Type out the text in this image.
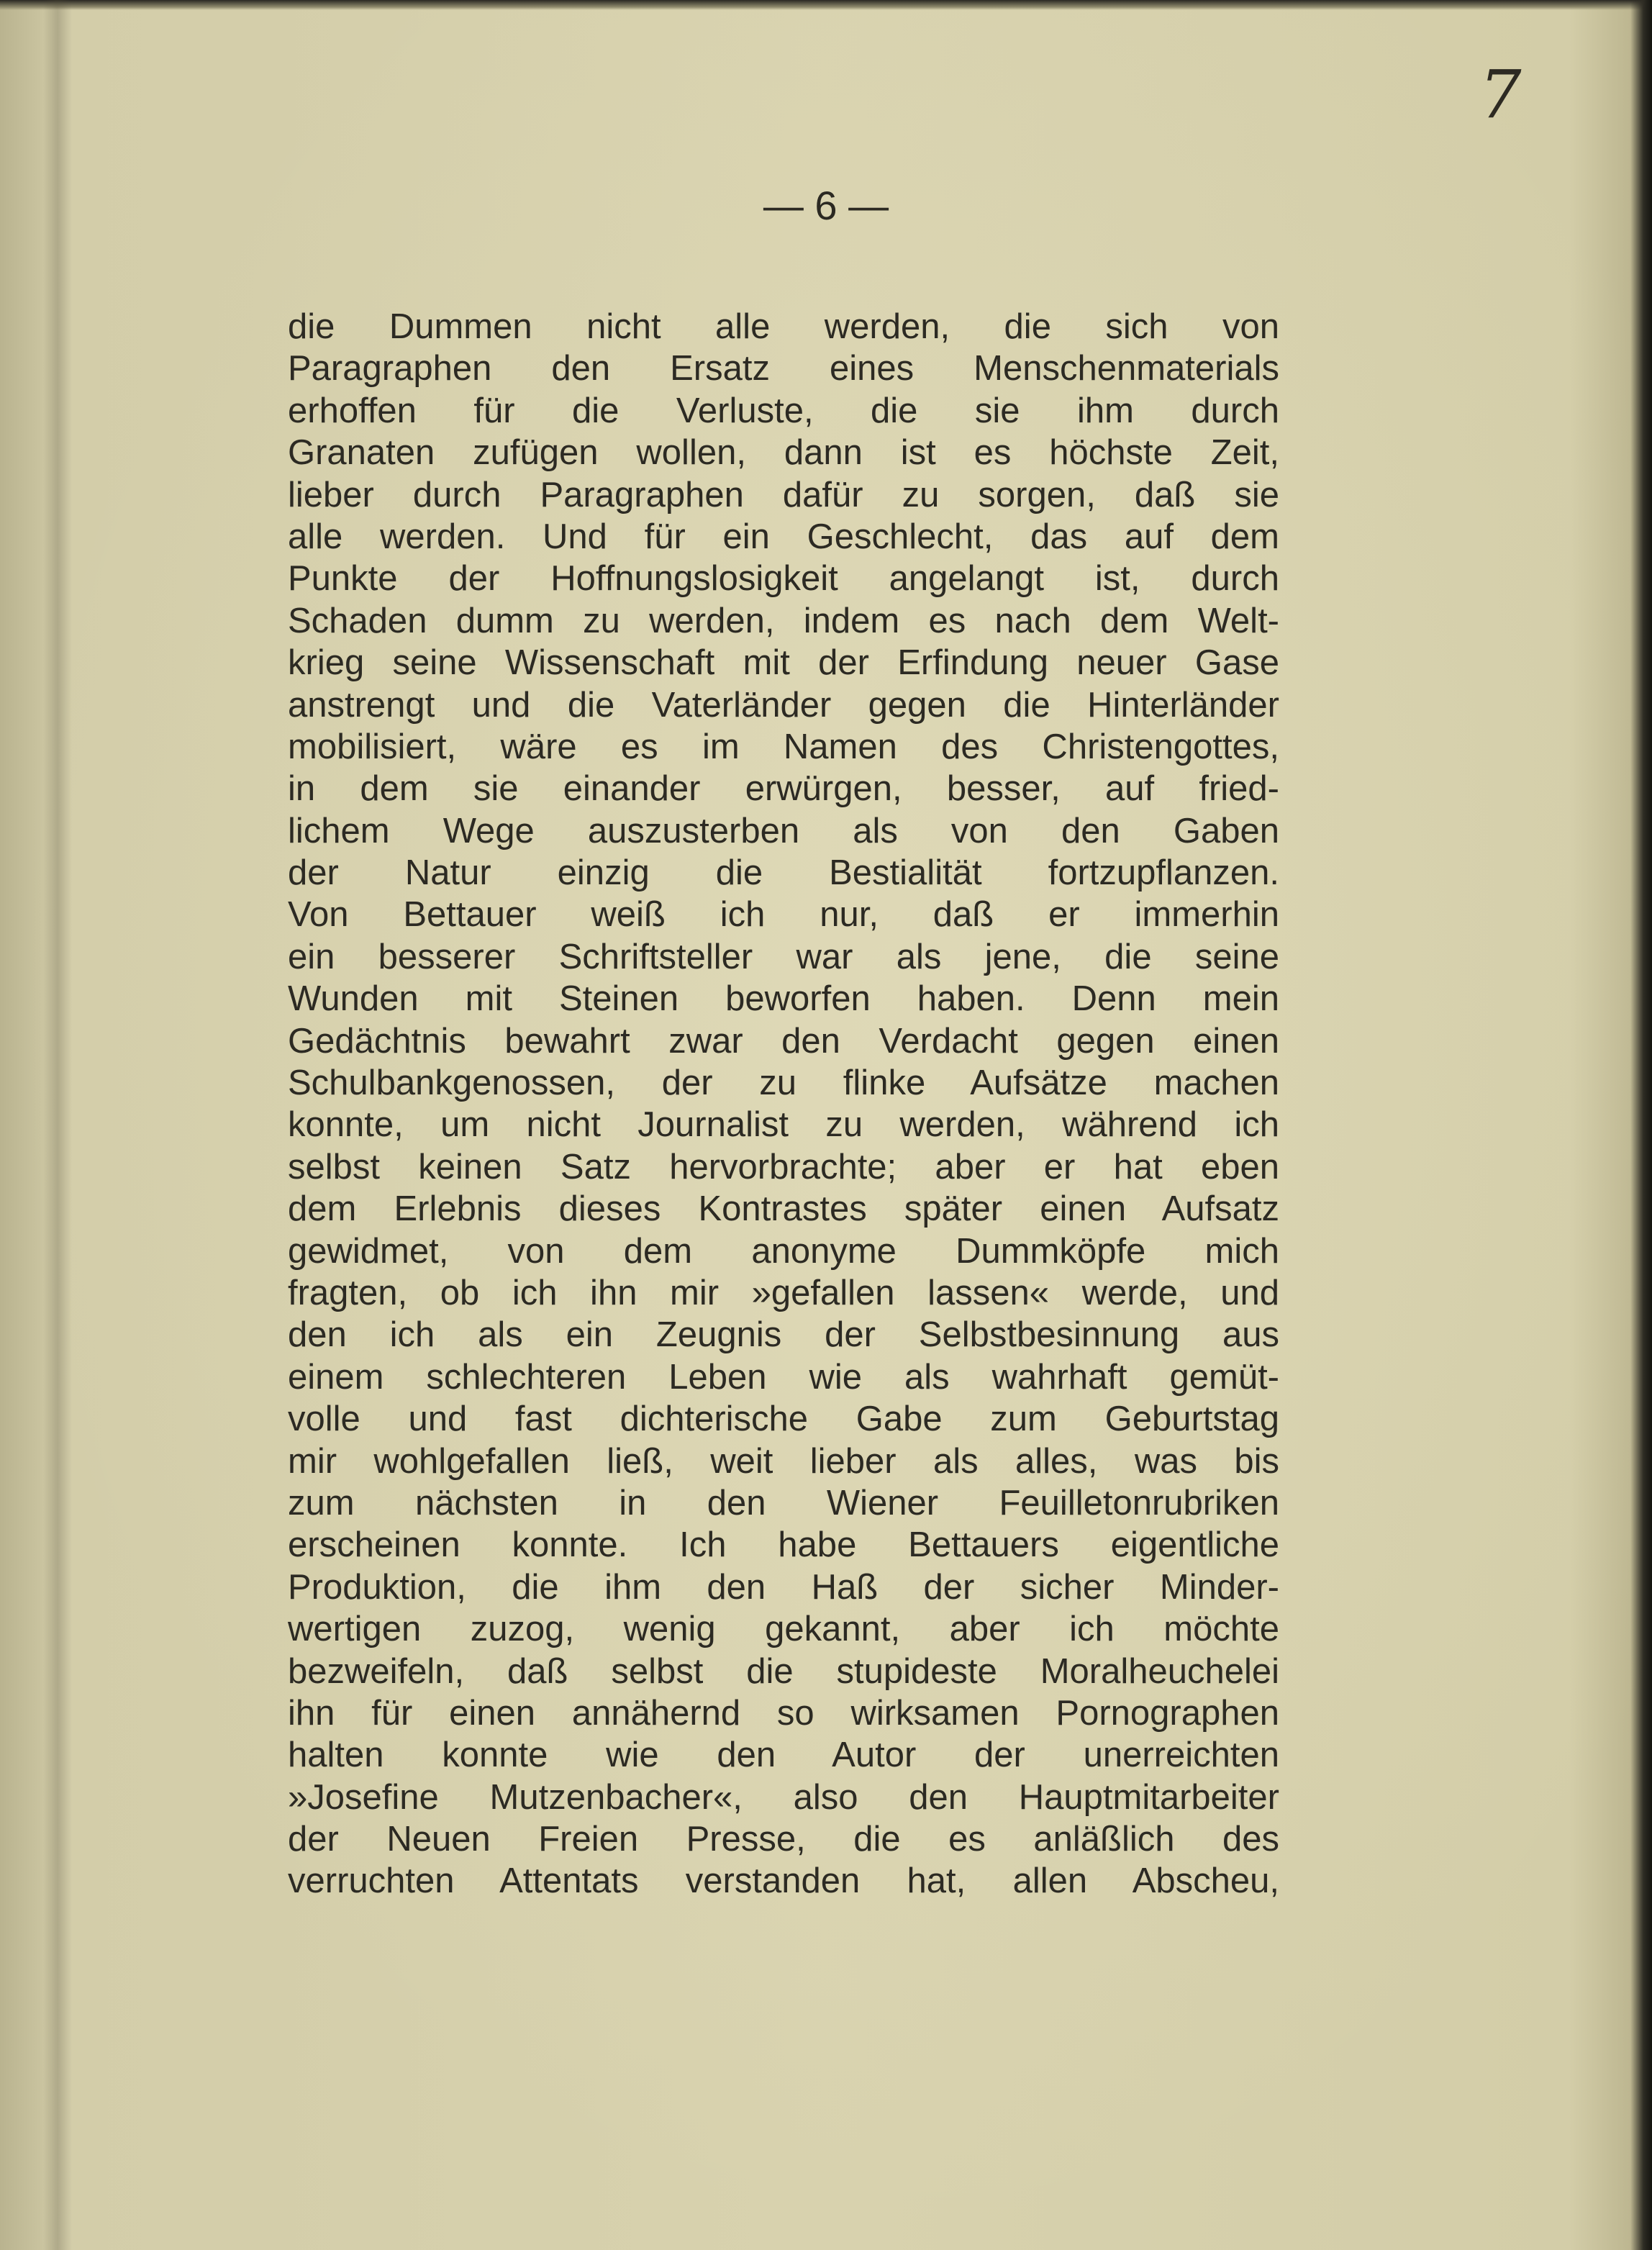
7
— 6 —
die Dummen nicht alle werden, die sich von
Paragraphen den Ersatz eines Menschenmaterials
erhoffen für die Verluste, die sie ihm durch
Granaten zufügen wollen, dann ist es höchste Zeit,
lieber durch Paragraphen dafür zu sorgen, daß sie
alle werden. Und für ein Geschlecht, das auf dem
Punkte der Hoffnungslosigkeit angelangt ist, durch
Schaden dumm zu werden, indem es nach dem Welt-
krieg seine Wissenschaft mit der Erfindung neuer Gase
anstrengt und die Vaterländer gegen die Hinterländer
mobilisiert, wäre es im Namen des Christengottes,
in dem sie einander erwürgen, besser, auf fried-
lichem Wege auszusterben als von den Gaben
der Natur einzig die Bestialität fortzupflanzen.
Von Bettauer weiß ich nur, daß er immerhin
ein besserer Schriftsteller war als jene, die seine
Wunden mit Steinen beworfen haben. Denn mein
Gedächtnis bewahrt zwar den Verdacht gegen einen
Schulbankgenossen, der zu flinke Aufsätze machen
konnte, um nicht Journalist zu werden, während ich
selbst keinen Satz hervorbrachte; aber er hat eben
dem Erlebnis dieses Kontrastes später einen Aufsatz
gewidmet, von dem anonyme Dummköpfe mich
fragten, ob ich ihn mir »gefallen lassen« werde, und
den ich als ein Zeugnis der Selbstbesinnung aus
einem schlechteren Leben wie als wahrhaft gemüt-
volle und fast dichterische Gabe zum Geburtstag
mir wohlgefallen ließ, weit lieber als alles, was bis
zum nächsten in den Wiener Feuilletonrubriken
erscheinen konnte. Ich habe Bettauers eigentliche
Produktion, die ihm den Haß der sicher Minder-
wertigen zuzog, wenig gekannt, aber ich möchte
bezweifeln, daß selbst die stupideste Moralheuchelei
ihn für einen annähernd so wirksamen Pornographen
halten konnte wie den Autor der unerreichten
»Josefine Mutzenbacher«, also den Hauptmitarbeiter
der Neuen Freien Presse, die es anläßlich des
verruchten Attentats verstanden hat, allen Abscheu,
